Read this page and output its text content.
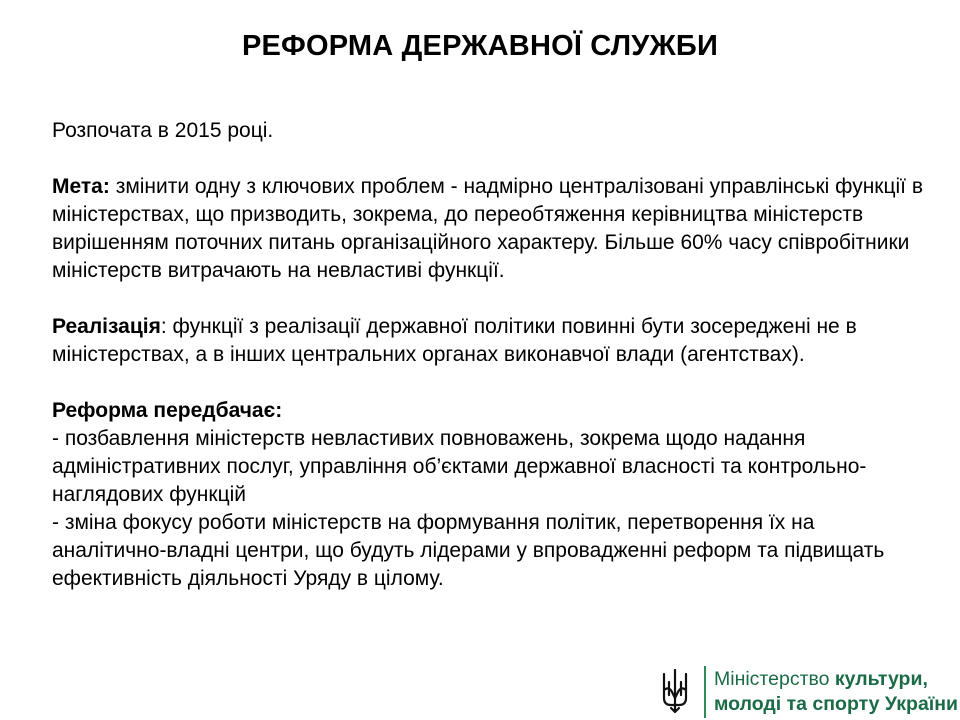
РЕФОРМА ДЕРЖАВНОЇ СЛУЖБИ

Розпочата в 2015 році.

Мета: змінити одну з ключових проблем - надмірно централізовані управлінські функції в міністерствах, що призводить, зокрема, до переобтяження керівництва міністерств вирішенням поточних питань організаційного характеру. Більше 60% часу співробітники міністерств витрачають на невластиві функції.

Реалізація: функції з реалізації державної політики повинні бути зосереджені не в міністерствах, а в інших центральних органах виконавчої влади (агентствах).

Реформа передбачає:

- позбавлення міністерств невластивих повноважень, зокрема щодо надання адміністративних послуг, управління об’єктами державної власності та контрольно-наглядових функцій

- зміна фокусу роботи міністерств на формування політик, перетворення їх на аналітично-владні центри, що будуть лідерами у впровадженні реформ та підвищать ефективність діяльності Уряду в цілому.

Міністерство культури,
молоді та спорту України
